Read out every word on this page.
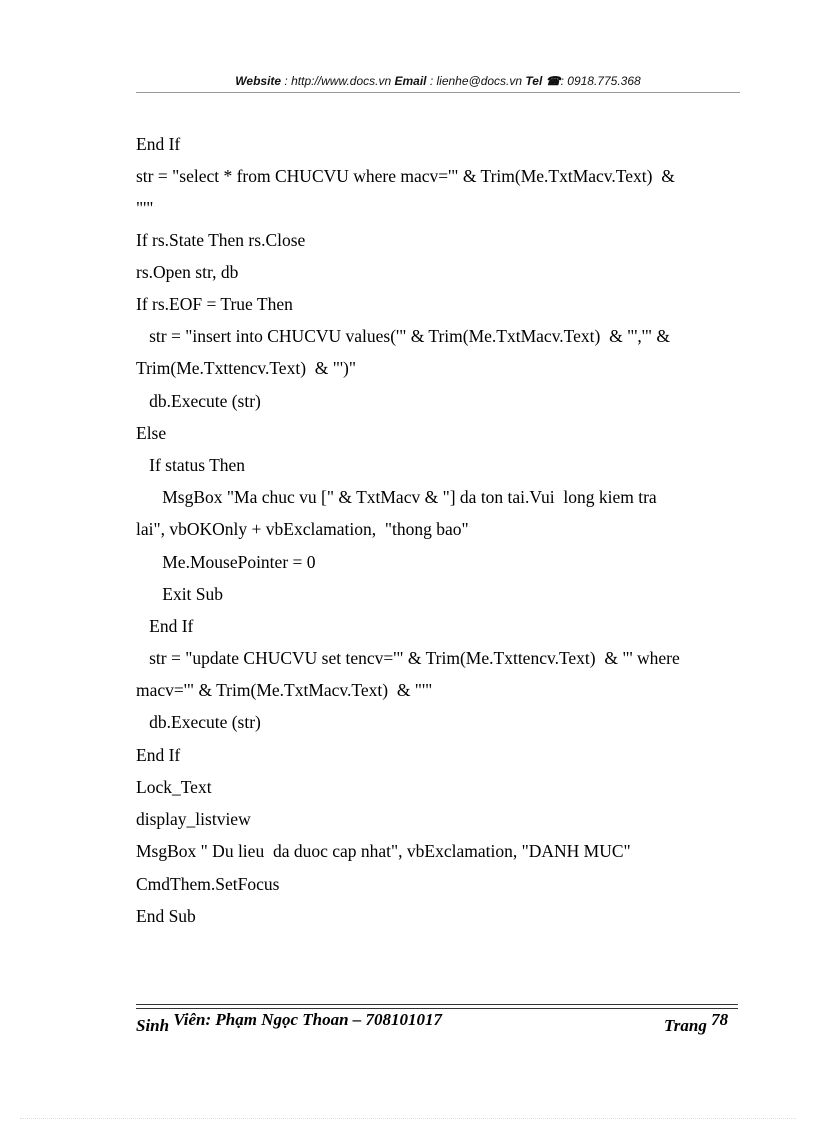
Website : http://www.docs.vn Email : lienhe@docs.vn Tel ☎: 0918.775.368
End If
str = "select * from CHUCVU where macv='" & Trim(Me.TxtMacv.Text)  &
"'"
If rs.State Then rs.Close
rs.Open str, db
If rs.EOF = True Then
str = "insert into CHUCVU values('" & Trim(Me.TxtMacv.Text)  & "','" &
Trim(Me.Txttencv.Text)  & "')"
db.Execute (str)
Else
If status Then
MsgBox "Ma chuc vu [" & TxtMacv & "] da ton tai.Vui  long kiem tra
lai", vbOKOnly + vbExclamation,  "thong bao"
Me.MousePointer = 0
Exit Sub
End If
str = "update CHUCVU set tencv='" & Trim(Me.Txttencv.Text)  & "' where
macv='" & Trim(Me.TxtMacv.Text)  & "'"
db.Execute (str)
End If
Lock_Text
display_listview
MsgBox " Du lieu  da duoc cap nhat", vbExclamation, "DANH MUC"
CmdThem.SetFocus
End Sub
Sinh Viên: Phạm Ngọc Thoan – 708101017	Trang 78
